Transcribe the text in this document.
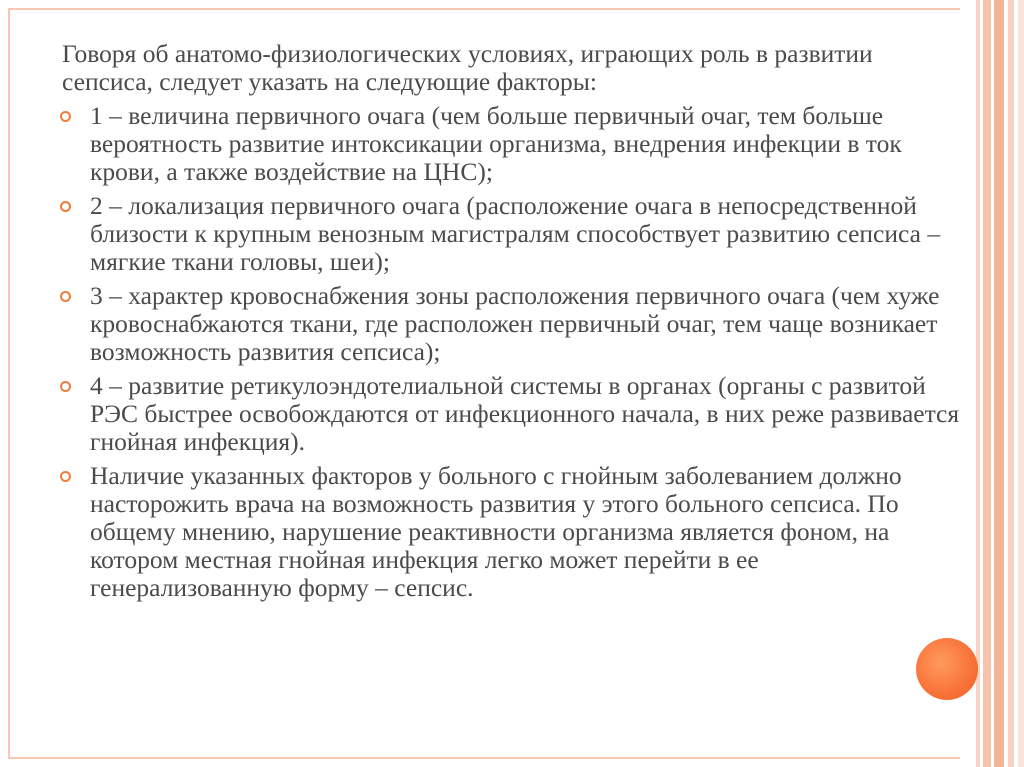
Говоря об анатомо-физиологических условиях, играющих роль в развитии сепсиса, следует указать на следующие факторы:

1 – величина первичного очага (чем больше первичный очаг, тем больше вероятность развитие интоксикации организма, внедрения инфекции в ток крови, а также воздействие на ЦНС);
2 – локализация первичного очага (расположение очага в непосредственной близости к крупным венозным магистралям способствует развитию сепсиса – мягкие ткани головы, шеи);
3 – характер кровоснабжения зоны расположения первичного очага (чем хуже кровоснабжаются ткани, где расположен первичный очаг, тем чаще возникает возможность развития сепсиса);
4 – развитие ретикулоэндотелиальной системы в органах (органы с развитой РЭС быстрее освобождаются от инфекционного начала, в них реже развивается гнойная инфекция).
Наличие указанных факторов у больного с гнойным заболеванием должно насторожить врача на возможность развития у этого больного сепсиса. По общему мнению, нарушение реактивности организма является фоном, на котором местная гнойная инфекция легко может перейти в ее генерализованную форму – сепсис.
